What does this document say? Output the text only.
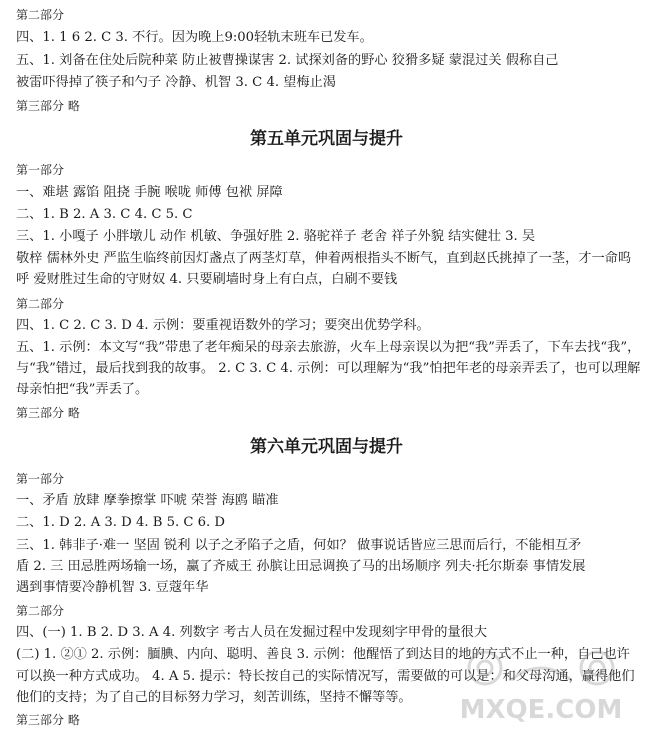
第二部分
四、1. 1 6 2. C 3. 不行。因为晚上9:00轻轨末班车已发车。
五、1. 刘备在住处后院种菜 防止被曹操谋害 2. 试探刘备的野心 狡猾多疑 蒙混过关 假称自己
被雷吓得掉了筷子和勺子 冷静、机智 3. C 4. 望梅止渴
第三部分 略
第五单元巩固与提升
第一部分
一、难堪 露馅 阻挠 手腕 喉咙 师傅 包袱 屏障
二、1. B 2. A 3. C 4. C 5. C
三、1. 小嘎子 小胖墩儿 动作 机敏、争强好胜 2. 骆驼祥子 老舍 祥子外貌 结实健壮 3. 吴
敬梓 儒林外史 严监生临终前因灯盏点了两茎灯草，伸着两根指头不断气，直到赵氏挑掉了一茎，才一命呜
呼 爱财胜过生命的守财奴 4. 只要刷墙时身上有白点，白刷不要钱
第二部分
四、1. C 2. C 3. D 4. 示例：要重视语数外的学习；要突出优势学科。
五、1. 示例：本文写“我”带患了老年痴呆的母亲去旅游，火车上母亲误以为把“我”弄丢了，下车去找“我”，
与“我”错过，最后找到我的故事。 2. C 3. C 4. 示例：可以理解为“我”怕把年老的母亲弄丢了，也可以理解
母亲怕把“我”弄丢了。
第三部分 略
第六单元巩固与提升
第一部分
一、矛盾 放肆 摩拳擦掌 吓唬 荣誉 海鸥 瞄准
二、1. D 2. A 3. D 4. B 5. C 6. D
三、1. 韩非子·难一 坚固 锐利 以子之矛陷子之盾，何如？ 做事说话皆应三思而后行，不能相互矛
盾 2. 三 田忌胜两场输一场，赢了齐威王 孙膑让田忌调换了马的出场顺序 列夫·托尔斯泰 事情发展
遇到事情要冷静机智 3. 豆蔻年华
第二部分
四、(一) 1. B 2. D 3. A 4. 列数字 考古人员在发掘过程中发现刻字甲骨的量很大
(二) 1. ②① 2. 示例：腼腆、内向、聪明、善良 3. 示例：他醒悟了到达目的地的方式不止一种，自己也许
可以换一种方式成功。 4. A 5. 提示：特长按自己的实际情况写，需要做的可以是：和父母沟通，赢得他们
他们的支持；为了自己的目标努力学习，刻苦训练，坚持不懈等等。
第三部分 略	MXQE.COM
